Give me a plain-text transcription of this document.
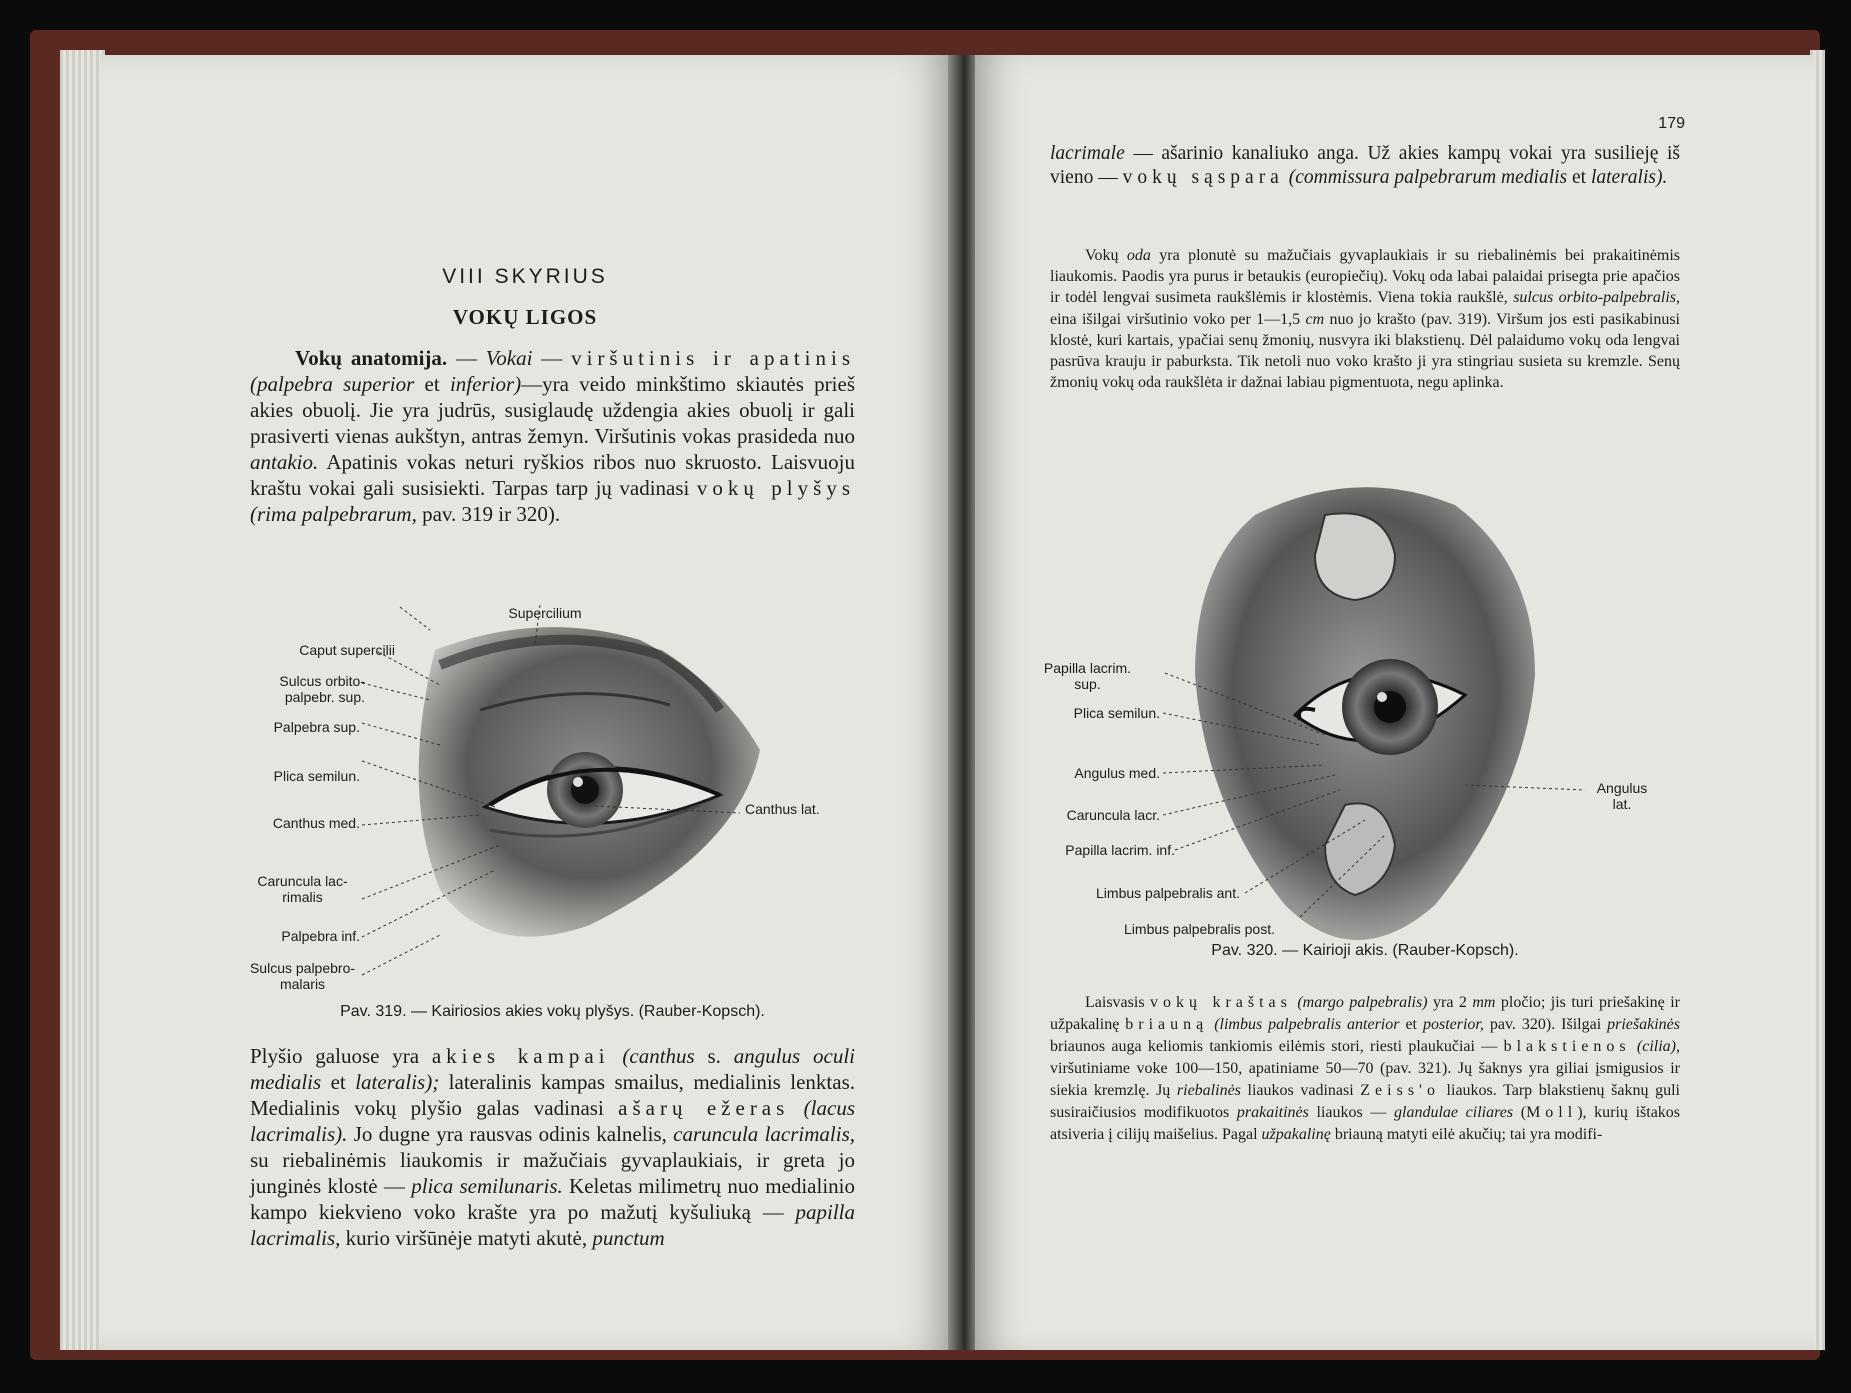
VIII SKYRIUS
VOKŲ LIGOS
Vokų anatomija. — Vokai — viršutinis ir apatinis (palpebra superior et inferior)—yra veido minkštimo skiautės prieš akies obuolį. Jie yra judrūs, susiglaudę uždengia akies obuolį ir gali prasiverti vienas aukštyn, antras žemyn. Viršutinis vokas prasideda nuo antakio. Apatinis vokas neturi ryškios ribos nuo skruosto. Laisvuoju kraštu vokai gali susisiekti. Tarpas tarp jų vadinasi vokų plyšys (rima palpebrarum, pav. 319 ir 320).
Supercilium
Caput supercilii
Sulcus orbito-
palpebr. sup.
Palpebra sup.
Plica semilun.
Canthus med.
Canthus lat.
Caruncula lac-
rimalis
Palpebra inf.
Sulcus palpebro-
malaris
Pav. 319. — Kairiosios akies vokų plyšys. (Rauber-Kopsch).
Plyšio galuose yra akies kampai (canthus s. angulus oculi medialis et lateralis); lateralinis kampas smailus, medialinis lenktas. Medialinis vokų plyšio galas vadinasi ašarų ežeras (lacus lacrimalis). Jo dugne yra rausvas odinis kalnelis, caruncula lacrimalis, su riebalinėmis liaukomis ir mažučiais gyvaplaukiais, ir greta jo junginės klostė — plica semilunaris. Keletas milimetrų nuo medialinio kampo kiekvieno voko krašte yra po mažutį kyšuliuką — papilla lacrimalis, kurio viršūnėje matyti akutė, punctum
179
lacrimale — ašarinio kanaliuko anga. Už akies kampų vokai yra susilieję iš vieno — vokų sąspara (commissura palpebrarum medialis et lateralis).
Vokų oda yra plonutė su mažučiais gyvaplaukiais ir su riebalinėmis bei prakaitinėmis liaukomis. Paodis yra purus ir betaukis (europiečių). Vokų oda labai palaidai prisegta prie apačios ir todėl lengvai susimeta raukšlėmis ir klostėmis. Viena tokia raukšlė, sulcus orbito-palpebralis, eina išilgai viršutinio voko per 1—1,5 cm nuo jo krašto (pav. 319). Viršum jos esti pasikabinusi klostė, kuri kartais, ypačiai senų žmonių, nusvyra iki blakstienų. Dėl palaidumo vokų oda lengvai pasrūva krauju ir paburksta. Tik netoli nuo voko krašto ji yra stingriau susieta su kremzle. Senų žmonių vokų oda raukšlėta ir dažnai labiau pigmentuota, negu aplinka.
Papilla lacrim.
sup.
Plica semilun.
Angulus med.
Caruncula lacr.
Papilla lacrim. inf.
Limbus palpebralis ant.
Limbus palpebralis post.
Angulus
lat.
Pav. 320. — Kairioji akis. (Rauber-Kopsch).
Laisvasis vokų kraštas (margo palpebralis) yra 2 mm pločio; jis turi priešakinę ir užpakalinę briauną (limbus palpebralis anterior et posterior, pav. 320). Išilgai priešakinės briaunos auga keliomis tankiomis eilėmis stori, riesti plaukučiai — blakstienos (cilia), viršutiniame voke 100—150, apatiniame 50—70 (pav. 321). Jų šaknys yra giliai įsmigusios ir siekia kremzlę. Jų riebalinės liaukos vadinasi Zeiss'o liaukos. Tarp blakstienų šaknų guli susiraičiusios modifikuotos prakaitinės liaukos — glandulae ciliares (Moll), kurių ištakos atsiveria į cilijų maišelius. Pagal užpakalinę briauną matyti eilė akučių; tai yra modifi-
